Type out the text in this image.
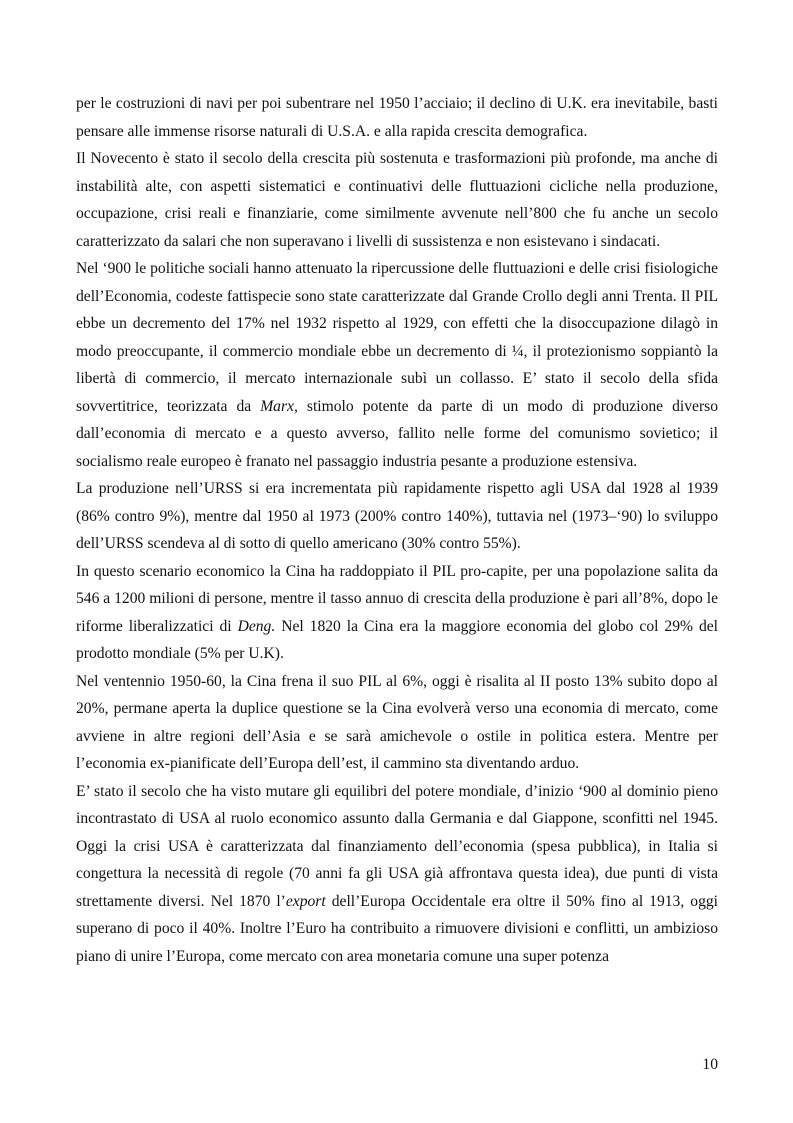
per le costruzioni di navi per poi subentrare nel 1950 l’acciaio; il declino di U.K. era inevitabile, basti pensare alle immense risorse naturali di U.S.A. e alla rapida crescita demografica.

Il Novecento è stato il secolo della crescita più sostenuta e trasformazioni più profonde, ma anche di instabilità alte, con aspetti sistematici e continuativi delle fluttuazioni cicliche nella produzione, occupazione, crisi reali e finanziarie, come similmente avvenute nell’800 che fu anche un secolo caratterizzato da salari che non superavano i livelli di sussistenza e non esistevano i sindacati.

Nel ‘900 le politiche sociali hanno attenuato la ripercussione delle fluttuazioni e delle crisi fisiologiche dell’Economia, codeste fattispecie sono state caratterizzate dal Grande Crollo degli anni Trenta. Il PIL ebbe un decremento del 17% nel 1932 rispetto al 1929, con effetti che la disoccupazione dilagò in modo preoccupante, il commercio mondiale ebbe un decremento di ¼, il protezionismo soppiantò la libertà di commercio, il mercato internazionale subì un collasso. E’ stato il secolo della sfida sovvertitrice, teorizzata da Marx, stimolo potente da parte di un modo di produzione diverso dall’economia di mercato e a questo avverso, fallito nelle forme del comunismo sovietico; il socialismo reale europeo è franato nel passaggio industria pesante a produzione estensiva.

La produzione nell’URSS si era incrementata più rapidamente rispetto agli USA dal 1928 al 1939 (86% contro 9%), mentre dal 1950 al 1973 (200% contro 140%), tuttavia nel (1973–‘90) lo sviluppo dell’URSS scendeva al di sotto di quello americano (30% contro 55%).

In questo scenario economico la Cina ha raddoppiato il PIL pro-capite, per una popolazione salita da 546 a 1200 milioni di persone, mentre il tasso annuo di crescita della produzione è pari all’8%, dopo le riforme liberalizzatici di Deng. Nel 1820 la Cina era la maggiore economia del globo col 29% del prodotto mondiale (5% per U.K).

Nel ventennio 1950-60, la Cina frena il suo PIL al 6%, oggi è risalita al II posto 13% subito dopo al 20%, permane aperta la duplice questione se la Cina evolverà verso una economia di mercato, come avviene in altre regioni dell’Asia e se sarà amichevole o ostile in politica estera. Mentre per l’economia ex-pianificate dell’Europa dell’est, il cammino sta diventando arduo.

E’ stato il secolo che ha visto mutare gli equilibri del potere mondiale, d’inizio ‘900 al dominio pieno incontrastato di USA al ruolo economico assunto dalla Germania e dal Giappone, sconfitti nel 1945. Oggi la crisi USA è caratterizzata dal finanziamento dell’economia (spesa pubblica), in Italia si congettura la necessità di regole (70 anni fa gli USA già affrontava questa idea), due punti di vista strettamente diversi. Nel 1870 l’export dell’Europa Occidentale era oltre il 50% fino al 1913, oggi superano di poco il 40%. Inoltre l’Euro ha contribuito a rimuovere divisioni e conflitti, un ambizioso piano di unire l’Europa, come mercato con area monetaria comune una super potenza

10
